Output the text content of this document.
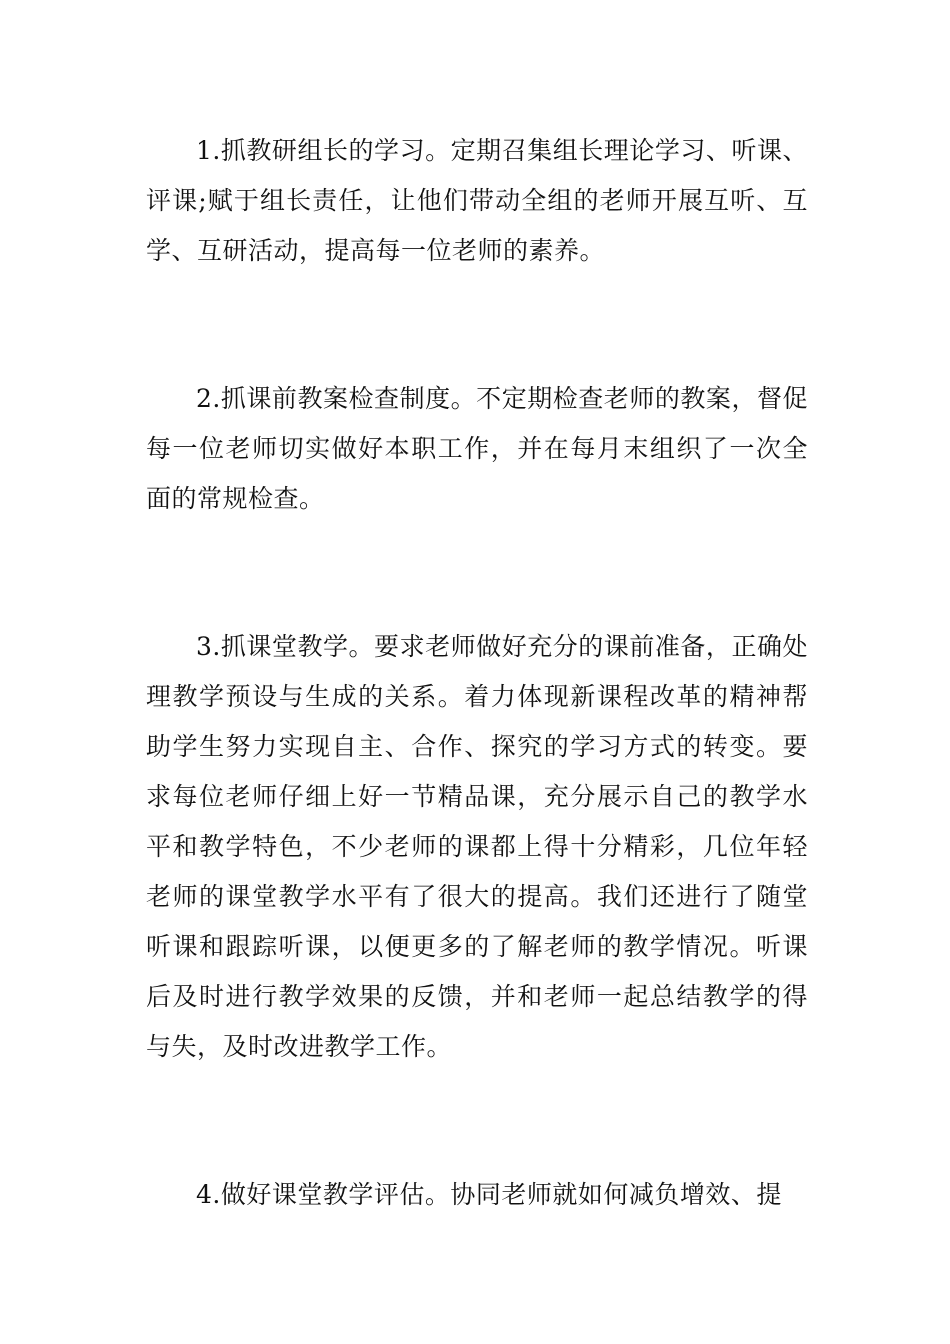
1.抓教研组长的学习。定期召集组长理论学习、听课、评课;赋于组长责任，让他们带动全组的老师开展互听、互学、互研活动，提高每一位老师的素养。

2.抓课前教案检查制度。不定期检查老师的教案，督促每一位老师切实做好本职工作，并在每月末组织了一次全面的常规检查。

3.抓课堂教学。要求老师做好充分的课前准备，正确处理教学预设与生成的关系。着力体现新课程改革的精神帮助学生努力实现自主、合作、探究的学习方式的转变。要求每位老师仔细上好一节精品课，充分展示自己的教学水平和教学特色，不少老师的课都上得十分精彩，几位年轻老师的课堂教学水平有了很大的提高。我们还进行了随堂听课和跟踪听课，以便更多的了解老师的教学情况。听课后及时进行教学效果的反馈，并和老师一起总结教学的得与失，及时改进教学工作。

4.做好课堂教学评估。协同老师就如何减负增效、提
